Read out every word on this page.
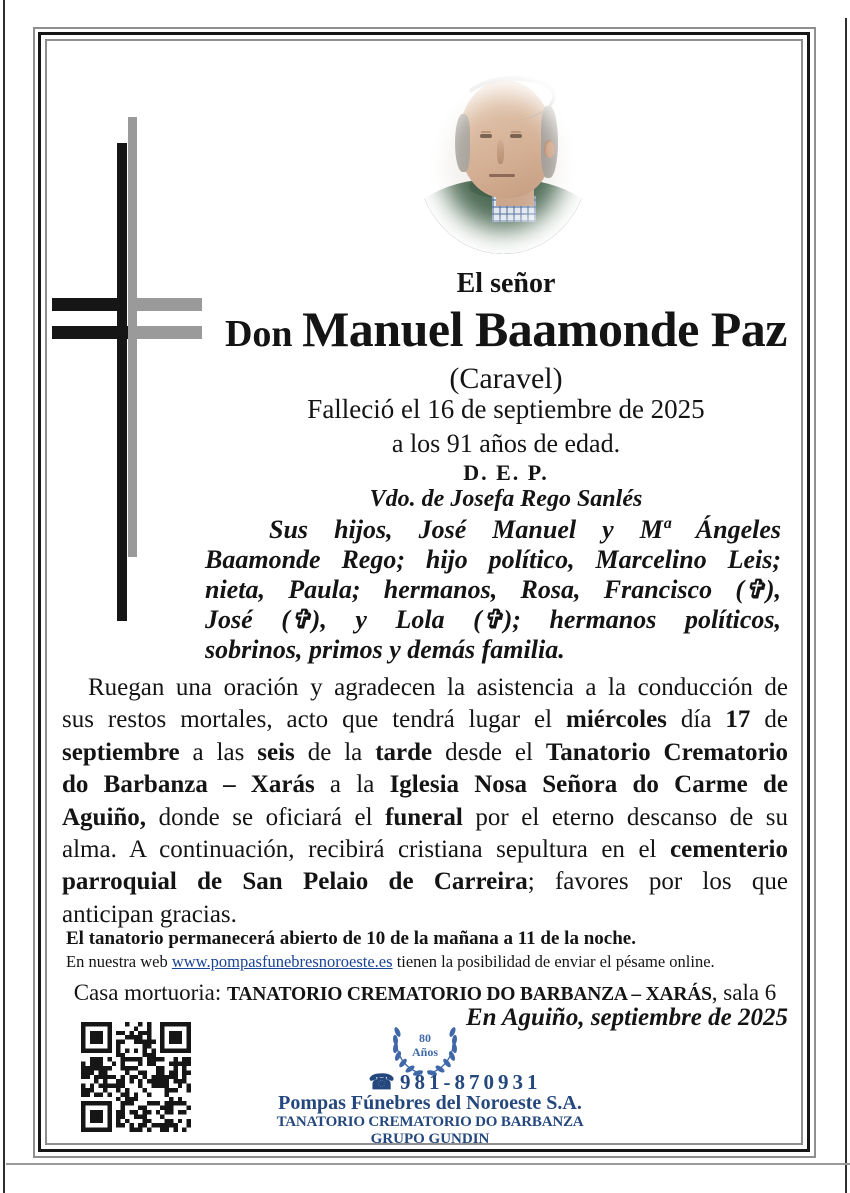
El señor
Don Manuel Baamonde Paz
(Caravel)
Falleció el 16 de septiembre de 2025
a los 91 años de edad.
D. E. P.
Vdo. de Josefa Rego Sanlés
Sus hijos, José Manuel y Mª Ángeles
Baamonde Rego; hijo político, Marcelino Leis;
nieta, Paula; hermanos, Rosa, Francisco (✞),
José (✞), y Lola (✞); hermanos políticos,
sobrinos, primos y demás familia.
Ruegan una oración y agradecen la asistencia a la conducción de
sus restos mortales, acto que tendrá lugar el miércoles día 17 de
septiembre a las seis de la tarde desde el Tanatorio Crematorio
do Barbanza – Xarás a la Iglesia Nosa Señora do Carme de
Aguiño, donde se oficiará el funeral por el eterno descanso de su
alma. A continuación, recibirá cristiana sepultura en el cementerio
parroquial de San Pelaio de Carreira; favores por los que
anticipan gracias.
El tanatorio permanecerá abierto de 10 de la mañana a 11 de la noche.
En nuestra web www.pompasfunebresnoroeste.es tienen la posibilidad de enviar el pésame online.
Casa mortuoria: TANATORIO CREMATORIO DO BARBANZA – XARÁS, sala 6
En Aguiño, septiembre de 2025
80
Años
☎ 981-870931
Pompas Fúnebres del Noroeste S.A.
TANATORIO CREMATORIO DO BARBANZA
GRUPO GUNDIN
